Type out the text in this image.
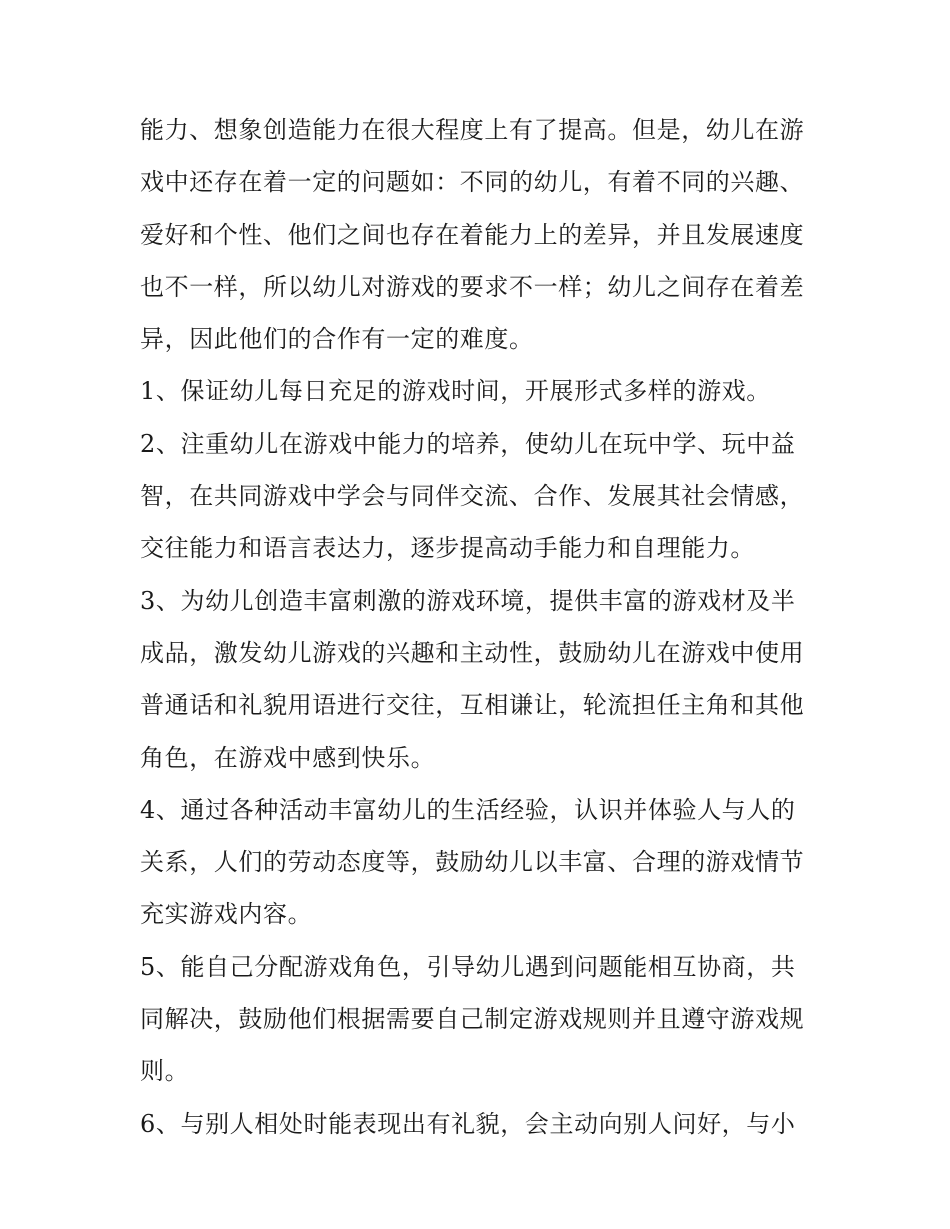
能力、想象创造能力在很大程度上有了提高。但是，幼儿在游
戏中还存在着一定的问题如：不同的幼儿，有着不同的兴趣、
爱好和个性、他们之间也存在着能力上的差异，并且发展速度
也不一样，所以幼儿对游戏的要求不一样；幼儿之间存在着差
异，因此他们的合作有一定的难度。
1、保证幼儿每日充足的游戏时间，开展形式多样的游戏。
2、注重幼儿在游戏中能力的培养，使幼儿在玩中学、玩中益
智，在共同游戏中学会与同伴交流、合作、发展其社会情感，
交往能力和语言表达力，逐步提高动手能力和自理能力。
3、为幼儿创造丰富刺激的游戏环境，提供丰富的游戏材及半
成品，激发幼儿游戏的兴趣和主动性，鼓励幼儿在游戏中使用
普通话和礼貌用语进行交往，互相谦让，轮流担任主角和其他
角色，在游戏中感到快乐。
4、通过各种活动丰富幼儿的生活经验，认识并体验人与人的
关系，人们的劳动态度等，鼓励幼儿以丰富、合理的游戏情节
充实游戏内容。
5、能自己分配游戏角色，引导幼儿遇到问题能相互协商，共
同解决，鼓励他们根据需要自己制定游戏规则并且遵守游戏规
则。
6、与别人相处时能表现出有礼貌，会主动向别人问好，与小
